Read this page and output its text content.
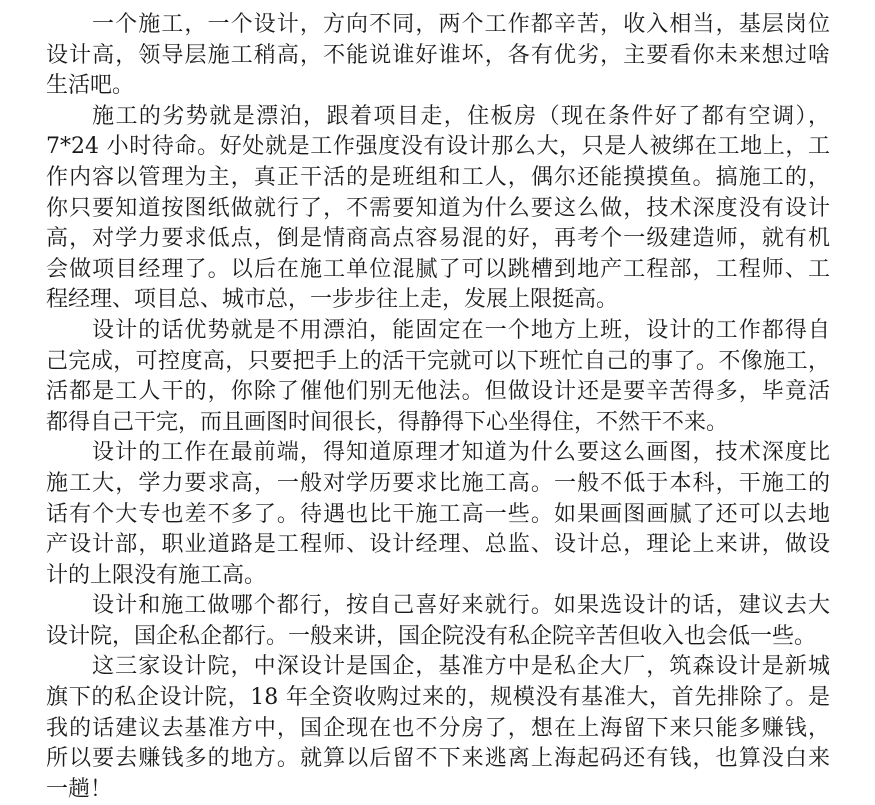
一个施工，一个设计，方向不同，两个工作都辛苦，收入相当，基层岗位
设计高，领导层施工稍高，不能说谁好谁坏，各有优劣，主要看你未来想过啥
生活吧。
施工的劣势就是漂泊，跟着项目走，住板房（现在条件好了都有空调），
7*24 小时待命。好处就是工作强度没有设计那么大，只是人被绑在工地上，工
作内容以管理为主，真正干活的是班组和工人，偶尔还能摸摸鱼。搞施工的，
你只要知道按图纸做就行了，不需要知道为什么要这么做，技术深度没有设计
高，对学力要求低点，倒是情商高点容易混的好，再考个一级建造师，就有机
会做项目经理了。以后在施工单位混腻了可以跳槽到地产工程部，工程师、工
程经理、项目总、城市总，一步步往上走，发展上限挺高。
设计的话优势就是不用漂泊，能固定在一个地方上班，设计的工作都得自
己完成，可控度高，只要把手上的活干完就可以下班忙自己的事了。不像施工，
活都是工人干的，你除了催他们别无他法。但做设计还是要辛苦得多，毕竟活
都得自己干完，而且画图时间很长，得静得下心坐得住，不然干不来。
设计的工作在最前端，得知道原理才知道为什么要这么画图，技术深度比
施工大，学力要求高，一般对学历要求比施工高。一般不低于本科，干施工的
话有个大专也差不多了。待遇也比干施工高一些。如果画图画腻了还可以去地
产设计部，职业道路是工程师、设计经理、总监、设计总，理论上来讲，做设
计的上限没有施工高。
设计和施工做哪个都行，按自己喜好来就行。如果选设计的话，建议去大
设计院，国企私企都行。一般来讲，国企院没有私企院辛苦但收入也会低一些。
这三家设计院，中深设计是国企，基准方中是私企大厂，筑森设计是新城
旗下的私企设计院，18 年全资收购过来的，规模没有基准大，首先排除了。是
我的话建议去基准方中，国企现在也不分房了，想在上海留下来只能多赚钱，
所以要去赚钱多的地方。就算以后留不下来逃离上海起码还有钱，也算没白来
一趟！
